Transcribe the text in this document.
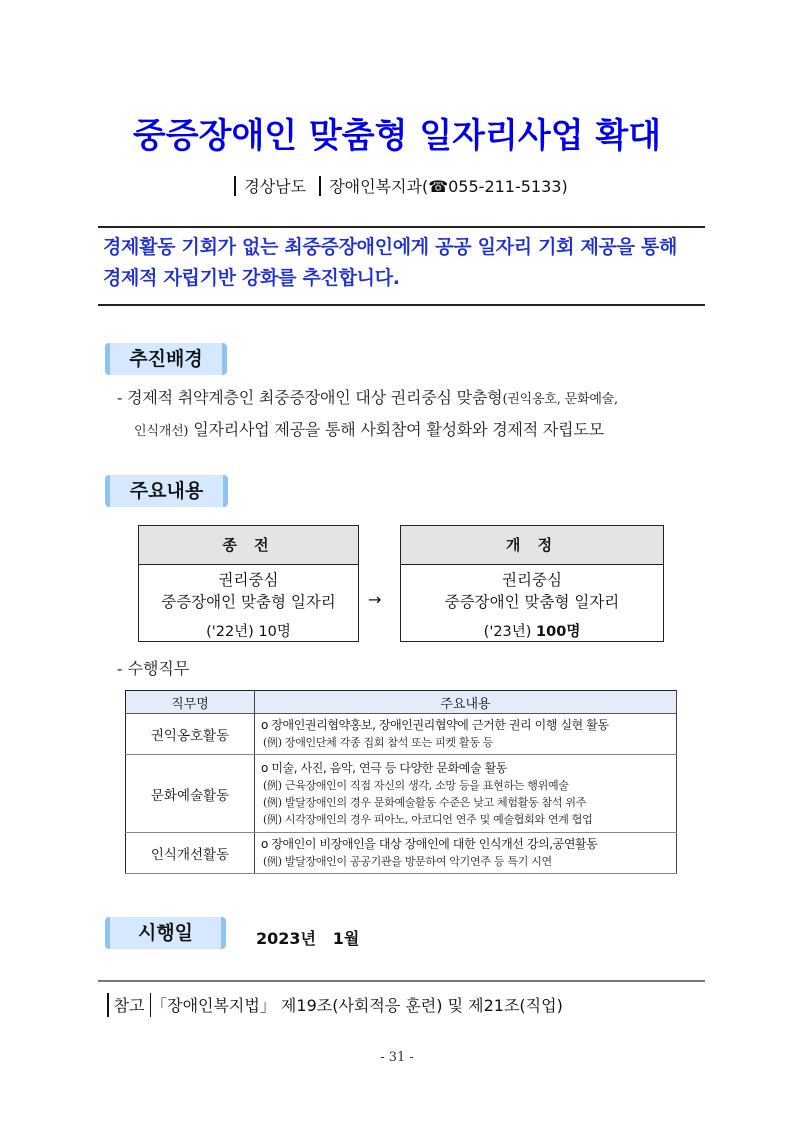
중증장애인 맞춤형 일자리사업 확대
경상남도 장애인복지과(☎055-211-5133)
경제활동 기회가 없는 최중증장애인에게 공공 일자리 기회 제공을 통해
경제적 자립기반 강화를 추진합니다.
추진배경
- 경제적 취약계층인 최중증장애인 대상 권리중심 맞춤형(권익옹호, 문화예술,
인식개선) 일자리사업 제공을 통해 사회참여 활성화와 경제적 자립도모
주요내용
종 전
권리중심
중증장애인 맞춤형 일자리
('22년) 10명
→
개 정
권리중심
중증장애인 맞춤형 일자리
('23년) 100명
- 수행직무
직무명	주요내용
권익옹호활동	o 장애인권리협약홍보, 장애인권리협약에 근거한 권리 이행 실현 활동
(例) 장애인단체 각종 집회 참석 또는 피켓 활동 등

문화예술활동	o 미술, 사진, 음악, 연극 등 다양한 문화예술 활동
(例) 근육장애인이 직접 자신의 생각, 소망 등을 표현하는 행위예술
(例) 발달장애인의 경우 문화예술활동 수준은 낮고 체험활동 참석 위주
(例) 시각장애인의 경우 피아노, 아코디언 연주 및 예술협회와 연계 협업

인식개선활동	o 장애인이 비장애인을 대상 장애인에 대한 인식개선 강의,공연활동
(例) 발달장애인이 공공기관을 방문하여 악기연주 등 특기 시연
시행일	2023년   1월
참고 「장애인복지법」 제19조(사회적응 훈련) 및 제21조(직업)
- 31 -
